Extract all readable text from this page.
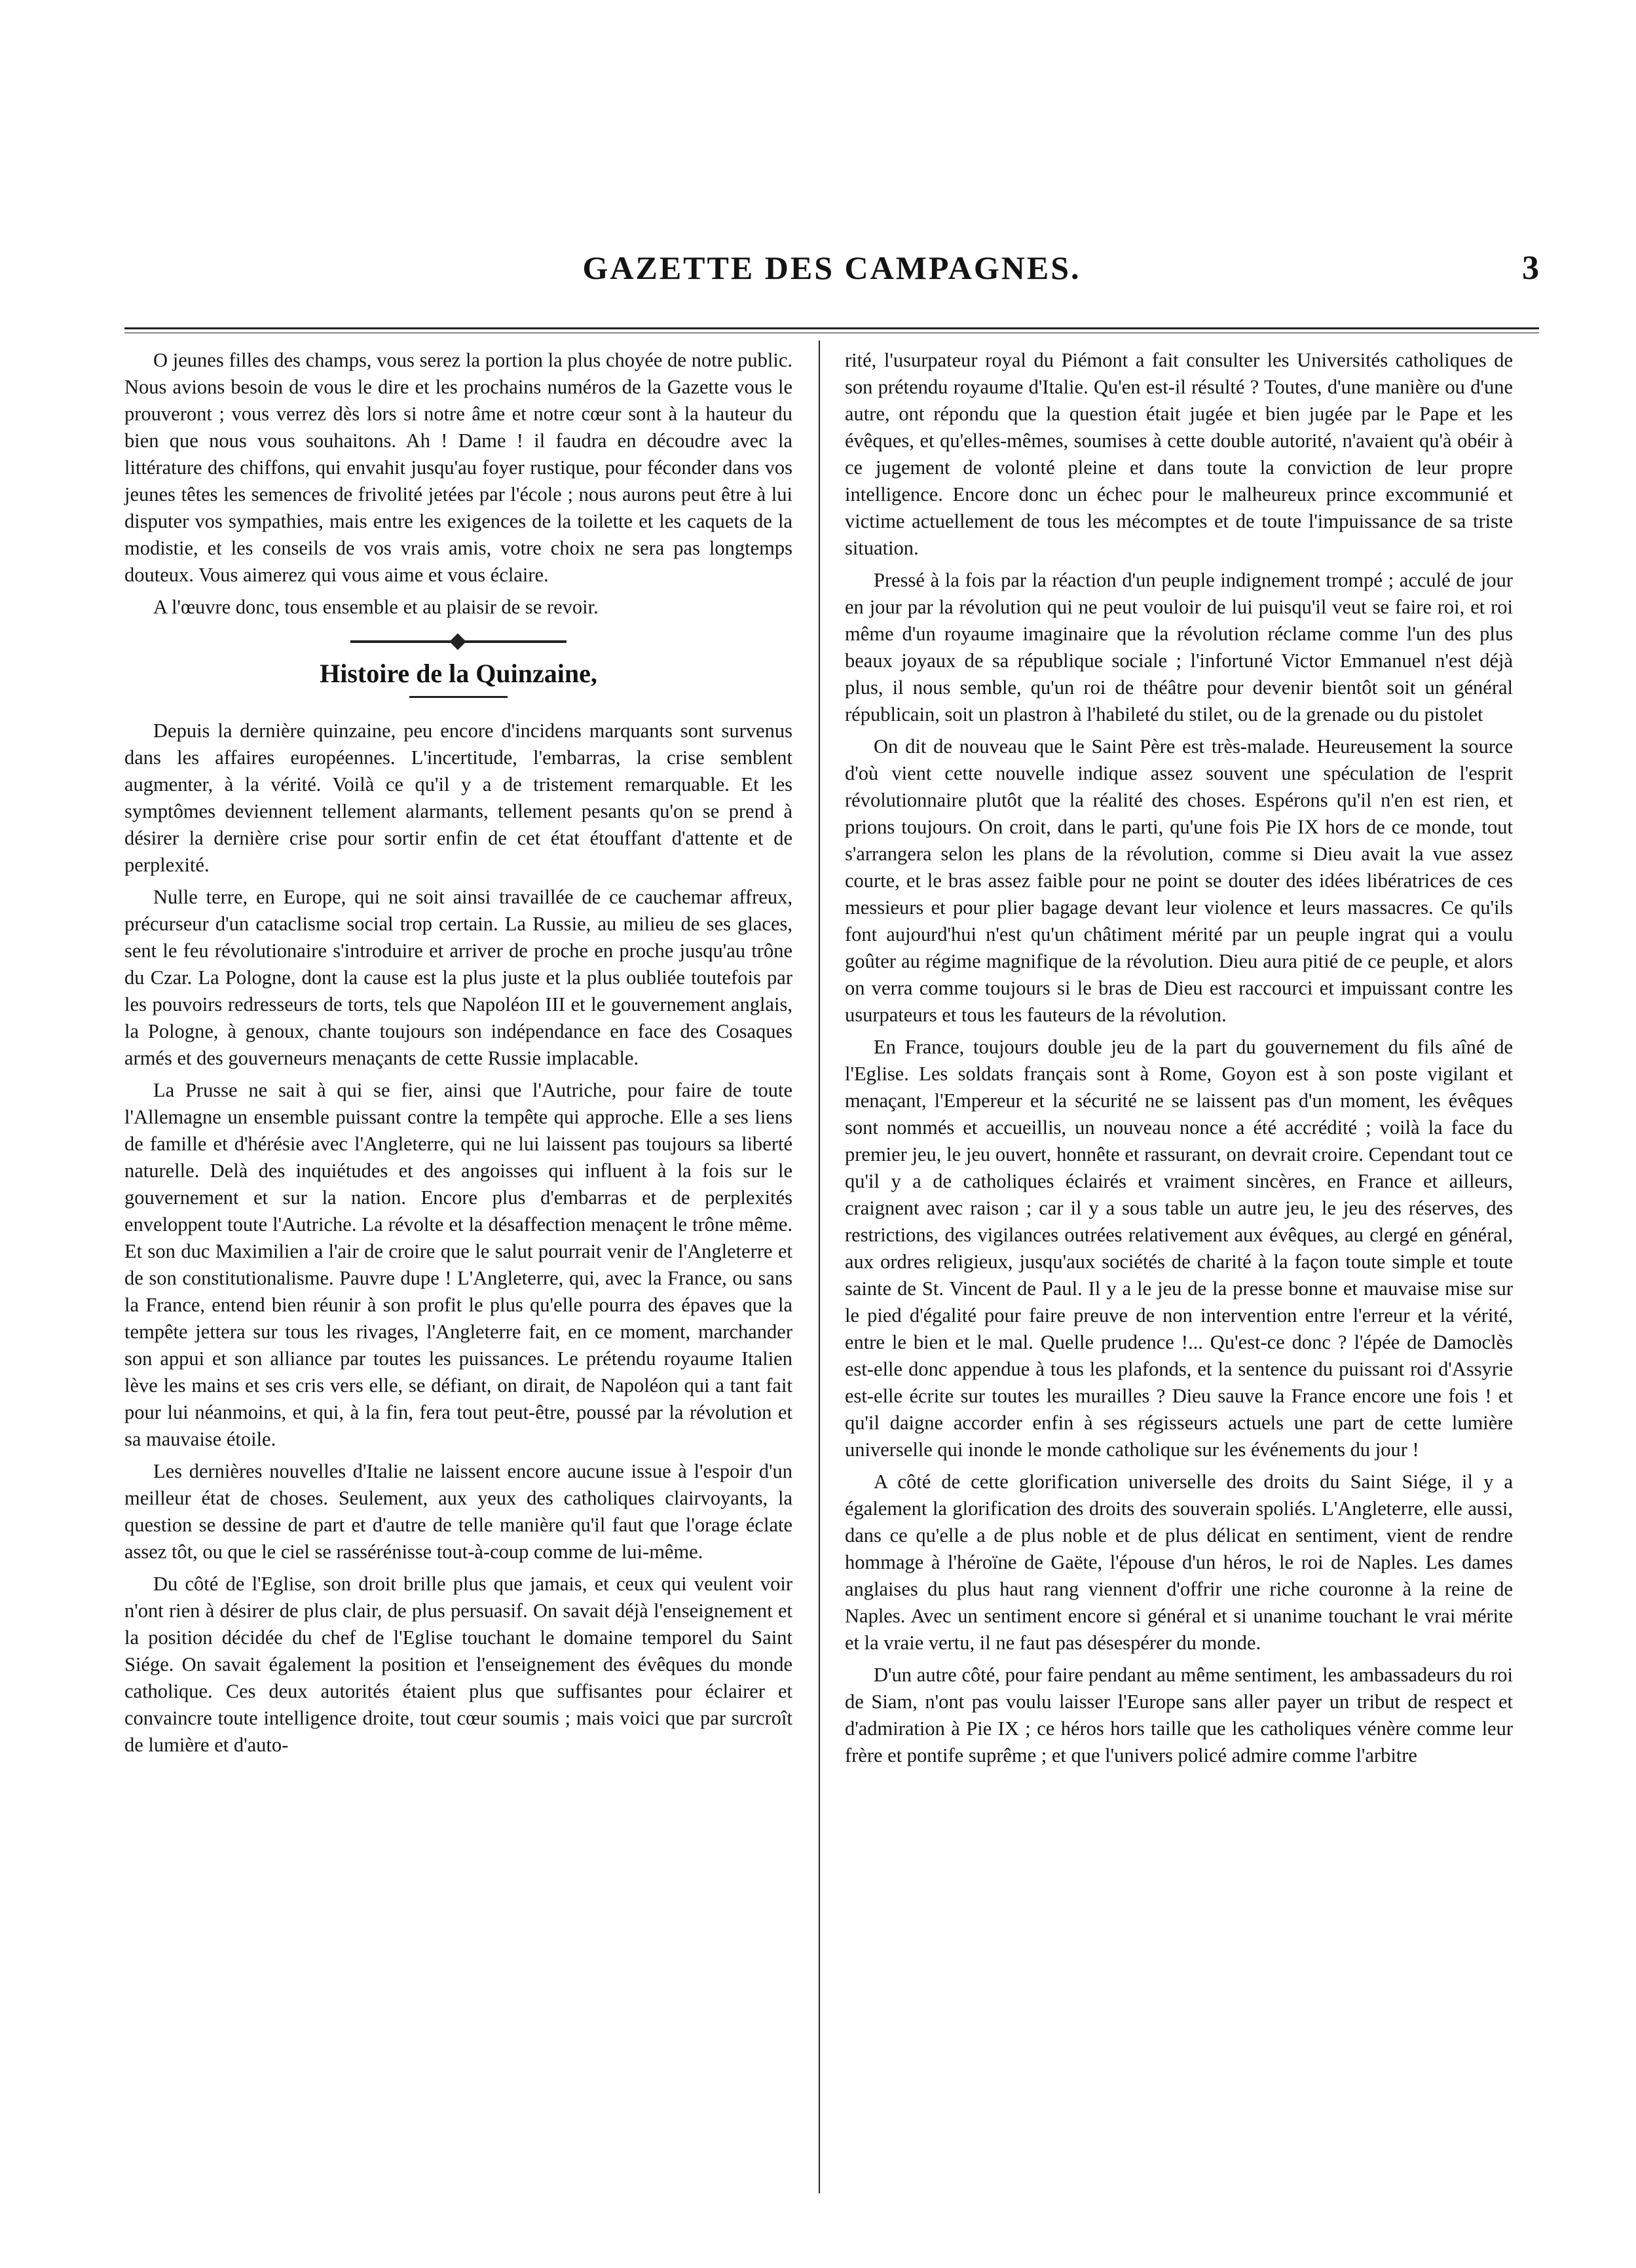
GAZETTE DES CAMPAGNES.	3

O jeunes filles des champs, vous serez la portion la plus choyée de notre public. Nous avions besoin de vous le dire et les prochains numéros de la Gazette vous le prouveront ; vous verrez dès lors si notre âme et notre cœur sont à la hauteur du bien que nous vous souhaitons. Ah ! Dame ! il faudra en découdre avec la littérature des chiffons, qui envahit jusqu'au foyer rustique, pour féconder dans vos jeunes têtes les semences de frivolité jetées par l'école ; nous aurons peut être à lui disputer vos sympathies, mais entre les exigences de la toilette et les caquets de la modistie, et les conseils de vos vrais amis, votre choix ne sera pas longtemps douteux. Vous aimerez qui vous aime et vous éclaire.

A l'œuvre donc, tous ensemble et au plaisir de se revoir.

Histoire de la Quinzaine,

Depuis la dernière quinzaine, peu encore d'incidens marquants sont survenus dans les affaires européennes. L'incertitude, l'embarras, la crise semblent augmenter, à la vérité. Voilà ce qu'il y a de tristement remarquable. Et les symptômes deviennent tellement alarmants, tellement pesants qu'on se prend à désirer la dernière crise pour sortir enfin de cet état étouffant d'attente et de perplexité.

Nulle terre, en Europe, qui ne soit ainsi travaillée de ce cauchemar affreux, précurseur d'un cataclisme social trop certain. La Russie, au milieu de ses glaces, sent le feu révolutionaire s'introduire et arriver de proche en proche jusqu'au trône du Czar. La Pologne, dont la cause est la plus juste et la plus oubliée toutefois par les pouvoirs redresseurs de torts, tels que Napoléon III et le gouvernement anglais, la Pologne, à genoux, chante toujours son indépendance en face des Cosaques armés et des gouverneurs menaçants de cette Russie implacable.

La Prusse ne sait à qui se fier, ainsi que l'Autriche, pour faire de toute l'Allemagne un ensemble puissant contre la tempête qui approche. Elle a ses liens de famille et d'hérésie avec l'Angleterre, qui ne lui laissent pas toujours sa liberté naturelle. Delà des inquiétudes et des angoisses qui influent à la fois sur le gouvernement et sur la nation. Encore plus d'embarras et de perplexités enveloppent toute l'Autriche. La révolte et la désaffection menaçent le trône même. Et son duc Maximilien a l'air de croire que le salut pourrait venir de l'Angleterre et de son constitutionalisme. Pauvre dupe ! L'Angleterre, qui, avec la France, ou sans la France, entend bien réunir à son profit le plus qu'elle pourra des épaves que la tempête jettera sur tous les rivages, l'Angleterre fait, en ce moment, marchander son appui et son alliance par toutes les puissances. Le prétendu royaume Italien lève les mains et ses cris vers elle, se défiant, on dirait, de Napoléon qui a tant fait pour lui néanmoins, et qui, à la fin, fera tout peut-être, poussé par la révolution et sa mauvaise étoile.

Les dernières nouvelles d'Italie ne laissent encore aucune issue à l'espoir d'un meilleur état de choses. Seulement, aux yeux des catholiques clairvoyants, la question se dessine de part et d'autre de telle manière qu'il faut que l'orage éclate assez tôt, ou que le ciel se rassérénisse tout-à-coup comme de lui-même.

Du côté de l'Eglise, son droit brille plus que jamais, et ceux qui veulent voir n'ont rien à désirer de plus clair, de plus persuasif. On savait déjà l'enseignement et la position décidée du chef de l'Eglise touchant le domaine temporel du Saint Siége. On savait également la position et l'enseignement des évêques du monde catholique. Ces deux autorités étaient plus que suffisantes pour éclairer et convaincre toute intelligence droite, tout cœur soumis ; mais voici que par surcroît de lumière et d'auto-

rité, l'usurpateur royal du Piémont a fait consulter les Universités catholiques de son prétendu royaume d'Italie. Qu'en est-il résulté ? Toutes, d'une manière ou d'une autre, ont répondu que la question était jugée et bien jugée par le Pape et les évêques, et qu'elles-mêmes, soumises à cette double autorité, n'avaient qu'à obéir à ce jugement de volonté pleine et dans toute la conviction de leur propre intelligence. Encore donc un échec pour le malheureux prince excommunié et victime actuellement de tous les mécomptes et de toute l'impuissance de sa triste situation.

Pressé à la fois par la réaction d'un peuple indignement trompé ; acculé de jour en jour par la révolution qui ne peut vouloir de lui puisqu'il veut se faire roi, et roi même d'un royaume imaginaire que la révolution réclame comme l'un des plus beaux joyaux de sa république sociale ; l'infortuné Victor Emmanuel n'est déjà plus, il nous semble, qu'un roi de théâtre pour devenir bientôt soit un général républicain, soit un plastron à l'habileté du stilet, ou de la grenade ou du pistolet

On dit de nouveau que le Saint Père est très-malade. Heureusement la source d'où vient cette nouvelle indique assez souvent une spéculation de l'esprit révolutionnaire plutôt que la réalité des choses. Espérons qu'il n'en est rien, et prions toujours. On croit, dans le parti, qu'une fois Pie IX hors de ce monde, tout s'arrangera selon les plans de la révolution, comme si Dieu avait la vue assez courte, et le bras assez faible pour ne point se douter des idées libératrices de ces messieurs et pour plier bagage devant leur violence et leurs massacres. Ce qu'ils font aujourd'hui n'est qu'un châtiment mérité par un peuple ingrat qui a voulu goûter au régime magnifique de la révolution. Dieu aura pitié de ce peuple, et alors on verra comme toujours si le bras de Dieu est raccourci et impuissant contre les usurpateurs et tous les fauteurs de la révolution.

En France, toujours double jeu de la part du gouvernement du fils aîné de l'Eglise. Les soldats français sont à Rome, Goyon est à son poste vigilant et menaçant, l'Empereur et la sécurité ne se laissent pas d'un moment, les évêques sont nommés et accueillis, un nouveau nonce a été accrédité ; voilà la face du premier jeu, le jeu ouvert, honnête et rassurant, on devrait croire. Cependant tout ce qu'il y a de catholiques éclairés et vraiment sincères, en France et ailleurs, craignent avec raison ; car il y a sous table un autre jeu, le jeu des réserves, des restrictions, des vigilances outrées relativement aux évêques, au clergé en général, aux ordres religieux, jusqu'aux sociétés de charité à la façon toute simple et toute sainte de St. Vincent de Paul. Il y a le jeu de la presse bonne et mauvaise mise sur le pied d'égalité pour faire preuve de non intervention entre l'erreur et la vérité, entre le bien et le mal. Quelle prudence !... Qu'est-ce donc ? l'épée de Damoclès est-elle donc appendue à tous les plafonds, et la sentence du puissant roi d'Assyrie est-elle écrite sur toutes les murailles ? Dieu sauve la France encore une fois ! et qu'il daigne accorder enfin à ses régisseurs actuels une part de cette lumière universelle qui inonde le monde catholique sur les événements du jour !

A côté de cette glorification universelle des droits du Saint Siége, il y a également la glorification des droits des souverain spoliés. L'Angleterre, elle aussi, dans ce qu'elle a de plus noble et de plus délicat en sentiment, vient de rendre hommage à l'héroïne de Gaëte, l'épouse d'un héros, le roi de Naples. Les dames anglaises du plus haut rang viennent d'offrir une riche couronne à la reine de Naples. Avec un sentiment encore si général et si unanime touchant le vrai mérite et la vraie vertu, il ne faut pas désespérer du monde.

D'un autre côté, pour faire pendant au même sentiment, les ambassadeurs du roi de Siam, n'ont pas voulu laisser l'Europe sans aller payer un tribut de respect et d'admiration à Pie IX ; ce héros hors taille que les catholiques vénère comme leur frère et pontife suprême ; et que l'univers policé admire comme l'arbitre
